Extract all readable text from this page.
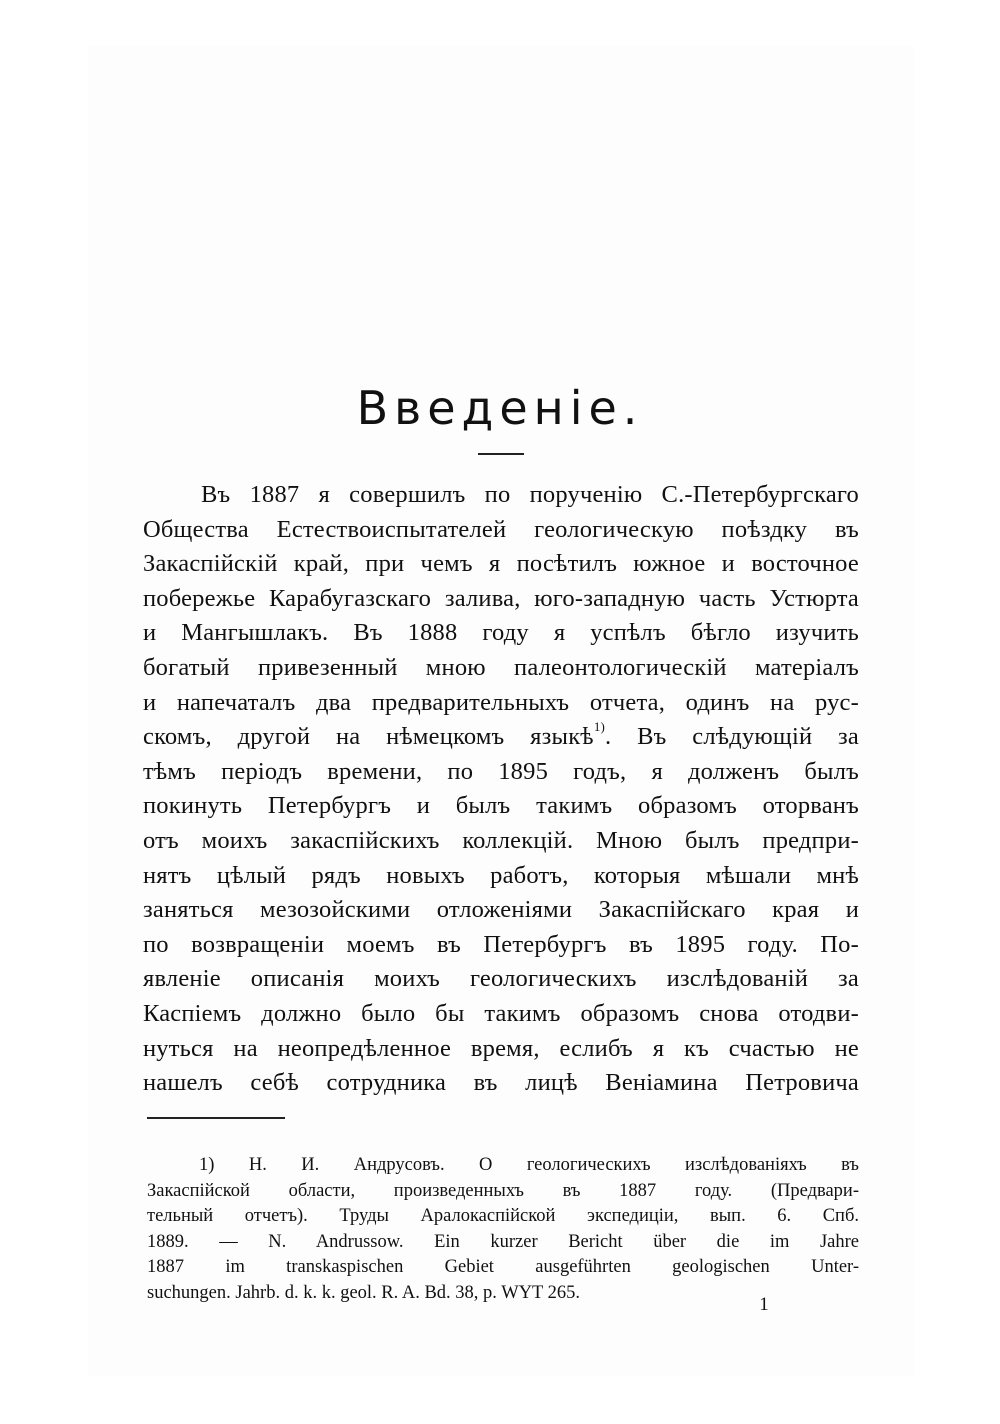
Введеніе.
Въ 1887 я совершилъ по порученію С.-Петербургскаго
Общества Естествоиспытателей геологическую поѣздку въ
Закаспійскій край, при чемъ я посѣтилъ южное и восточное
побережье Карабугазскаго залива, юго-западную часть Устюрта
и Мангышлакъ. Въ 1888 году я успѣлъ бѣгло изучить
богатый привезенный мною палеонтологическій матеріалъ
и напечаталъ два предварительныхъ отчета, одинъ на рус-
скомъ, другой на нѣмецкомъ языкѣ$^{1)}$. Въ слѣдующій за
тѣмъ періодъ времени, по 1895 годъ, я долженъ былъ
покинуть Петербургъ и былъ такимъ образомъ оторванъ
отъ моихъ закаспійскихъ коллекцій. Мною былъ предпри-
нятъ цѣлый рядъ новыхъ работъ, которыя мѣшали мнѣ
заняться мезозойскими отложеніями Закаспійскаго края и
по возвращеніи моемъ въ Петербургъ въ 1895 году. По-
явленіе описанія моихъ геологическихъ изслѣдованій за
Каспіемъ должно было бы такимъ образомъ снова отодви-
нуться на неопредѣленное время, еслибъ я къ счастью не
нашелъ себѣ сотрудника въ лицѣ Веніамина Петровича
1) Н. И. Андрусовъ. О геологическихъ изслѣдованіяхъ въ
Закаспійской области, произведенныхъ въ 1887 году. (Предвари-
тельный отчетъ). Труды Аралокаспійской экспедиціи, вып. 6. Спб.
1889. — N. Andrussow. Ein kurzer Bericht über die im Jahre
1887 im transkaspischen Gebiet ausgeführten geologischen Unter-
suchungen. Jahrb. d. k. k. geol. R. A. Bd. 38, p. WYT 265.
1
